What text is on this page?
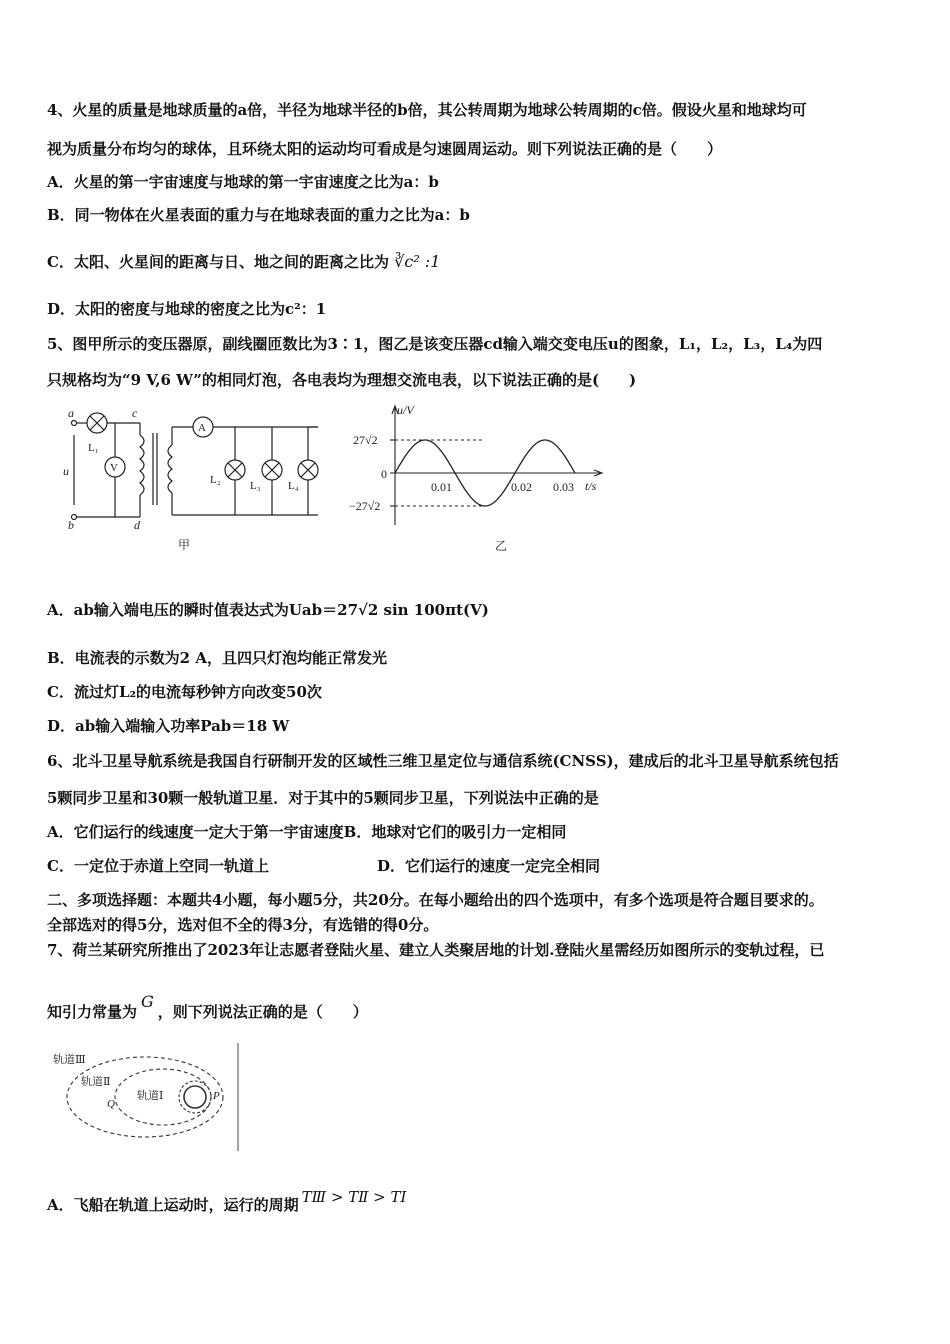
4、火星的质量是地球质量的a倍，半径为地球半径的b倍，其公转周期为地球公转周期的c倍。假设火星和地球均可
视为质量分布均匀的球体，且环绕太阳的运动均可看成是匀速圆周运动。则下列说法正确的是（　　）
A．火星的第一宇宙速度与地球的第一宇宙速度之比为a：b
B．同一物体在火星表面的重力与在地球表面的重力之比为a：b
C．太阳、火星间的距离与日、地之间的距离之比为 ∛c² :1
D．太阳的密度与地球的密度之比为c²：1
5、图甲所示的变压器原，副线圈匝数比为3∶1，图乙是该变压器cd输入端交变电压u的图象，L₁，L₂，L₃，L₄为四
只规格均为“9 V,6 W”的相同灯泡，各电表均为理想交流电表，以下说法正确的是(　　)
a
b
c
d
u
L₁
L₂	L₃ L₄
V
A
甲
u/V
t/s
27√2
0
−27√2
0.01	0.02 0.03
乙
A．ab输入端电压的瞬时值表达式为Uab＝27√2 sin 100πt(V)
B．电流表的示数为2 A，且四只灯泡均能正常发光
C．流过灯L₂的电流每秒钟方向改变50次
D．ab输入端输入功率Pab＝18 W
6、北斗卫星导航系统是我国自行研制开发的区域性三维卫星定位与通信系统(CNSS)，建成后的北斗卫星导航系统包括
5颗同步卫星和30颗一般轨道卫星．对于其中的5颗同步卫星，下列说法中正确的是
A．它们运行的线速度一定大于第一宇宙速度B．地球对它们的吸引力一定相同
C．一定位于赤道上空同一轨道上	D．它们运行的速度一定完全相同
二、多项选择题：本题共4小题，每小题5分，共20分。在每小题给出的四个选项中，有多个选项是符合题目要求的。
全部选对的得5分，选对但不全的得3分，有选错的得0分。
7、荷兰某研究所推出了2023年让志愿者登陆火星、建立人类聚居地的计划.登陆火星需经历如图所示的变轨过程，已
知引力常量为G，则下列说法正确的是（　　）
轨道Ⅲ
轨道Ⅱ
轨道Ⅰ
Q
P
A．飞船在轨道上运动时，运行的周期 TⅢ > TⅡ > TⅠ
